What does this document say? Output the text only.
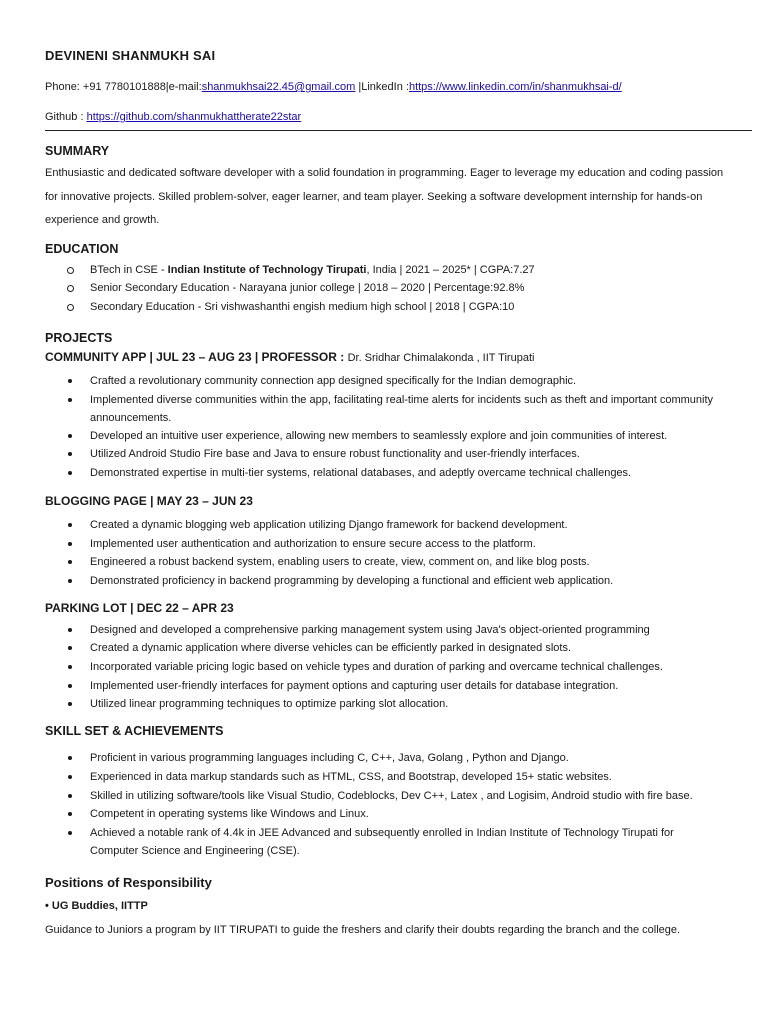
DEVINENI SHANMUKH SAI

Phone: +91 7780101888|e-mail:shanmukhsai22.45@gmail.com |LinkedIn :https://www.linkedin.com/in/shanmukhsai-d/
Github : https://github.com/shanmukhattherate22star

SUMMARY

Enthusiastic and dedicated software developer with a solid foundation in programming. Eager to leverage my education and coding passion for innovative projects. Skilled problem-solver, eager learner, and team player. Seeking a software development internship for hands-on experience and growth.

EDUCATION

BTech in CSE - Indian Institute of Technology Tirupati, India | 2021 – 2025* | CGPA:7.27
Senior Secondary Education - Narayana junior college | 2018 – 2020 | Percentage:92.8%
Secondary Education - Sri vishwashanthi engish medium high school | 2018 | CGPA:10

PROJECTS

COMMUNITY APP | JUL 23 – AUG 23 | PROFESSOR : Dr. Sridhar Chimalakonda , IIT Tirupati

Crafted a revolutionary community connection app designed specifically for the Indian demographic.
Implemented diverse communities within the app, facilitating real-time alerts for incidents such as theft and important community announcements.
Developed an intuitive user experience, allowing new members to seamlessly explore and join communities of interest.
Utilized Android Studio Fire base and Java to ensure robust functionality and user-friendly interfaces.
Demonstrated expertise in multi-tier systems, relational databases, and adeptly overcame technical challenges.

BLOGGING PAGE | MAY 23 – JUN 23

Created a dynamic blogging web application utilizing Django framework for backend development.
Implemented user authentication and authorization to ensure secure access to the platform.
Engineered a robust backend system, enabling users to create, view, comment on, and like blog posts.
Demonstrated proficiency in backend programming by developing a functional and efficient web application.

PARKING LOT | DEC 22 – APR 23

Designed and developed a comprehensive parking management system using Java's object-oriented programming
Created a dynamic application where diverse vehicles can be efficiently parked in designated slots.
Incorporated variable pricing logic based on vehicle types and duration of parking and overcame technical challenges.
Implemented user-friendly interfaces for payment options and capturing user details for database integration.
Utilized linear programming techniques to optimize parking slot allocation.

SKILL SET & ACHIEVEMENTS

Proficient in various programming languages including C, C++, Java, Golang , Python and Django.
Experienced in data markup standards such as HTML, CSS, and Bootstrap, developed 15+ static websites.
Skilled in utilizing software/tools like Visual Studio, Codeblocks, Dev C++, Latex , and Logisim, Android studio with fire base.
Competent in operating systems like Windows and Linux.
Achieved a notable rank of 4.4k in JEE Advanced and subsequently enrolled in Indian Institute of Technology Tirupati for Computer Science and Engineering (CSE).

Positions of Responsibility

• UG Buddies, IITTP

Guidance to Juniors a program by IIT TIRUPATI to guide the freshers and clarify their doubts regarding the branch and the college.
